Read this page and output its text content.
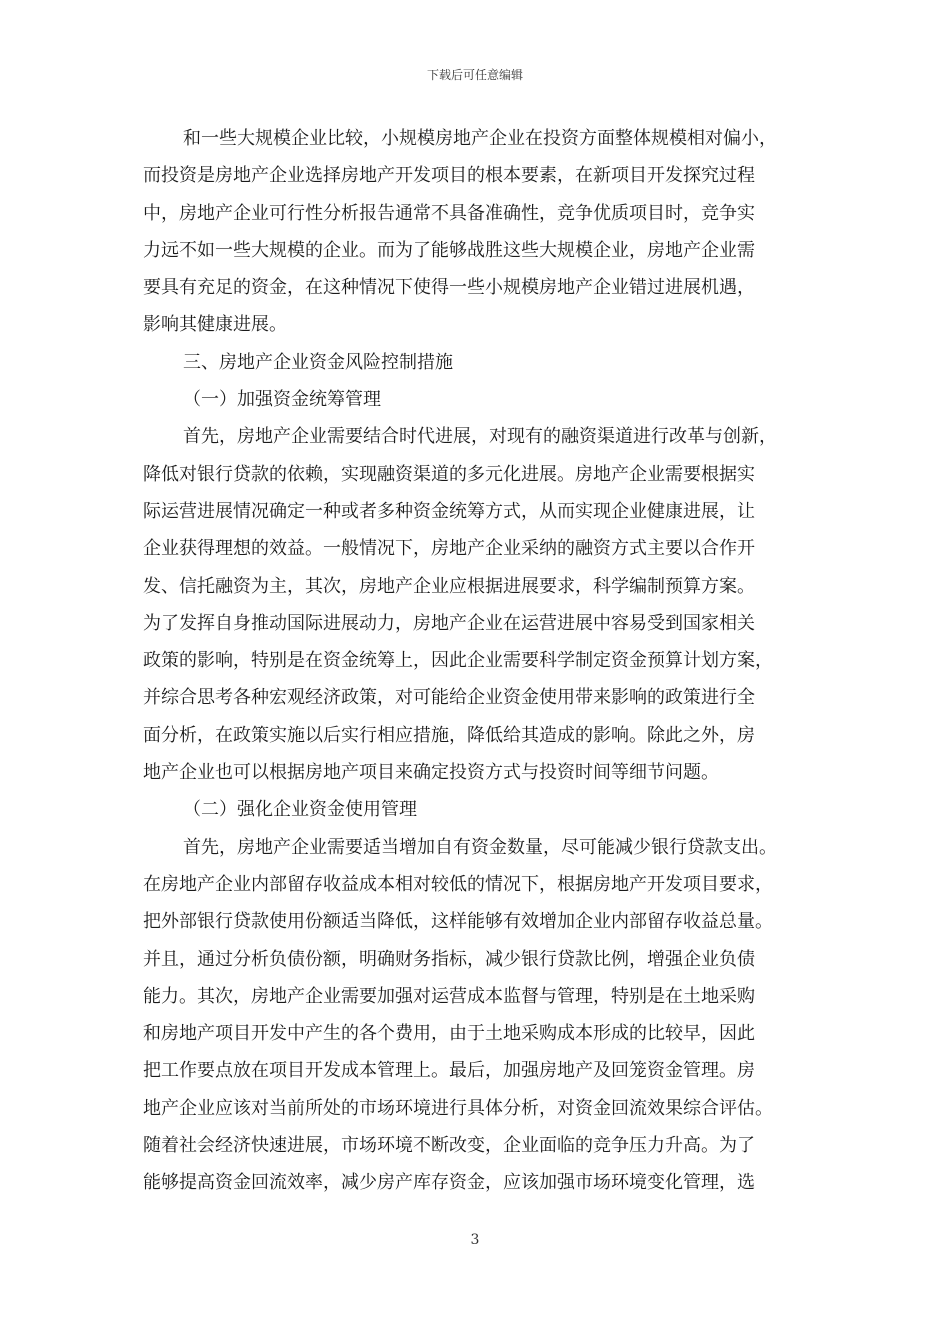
下载后可任意编辑
和一些大规模企业比较，小规模房地产企业在投资方面整体规模相对偏小，
而投资是房地产企业选择房地产开发项目的根本要素，在新项目开发探究过程
中，房地产企业可行性分析报告通常不具备准确性，竞争优质项目时，竞争实
力远不如一些大规模的企业。而为了能够战胜这些大规模企业，房地产企业需
要具有充足的资金，在这种情况下使得一些小规模房地产企业错过进展机遇，
影响其健康进展。
三、房地产企业资金风险控制措施
（一）加强资金统筹管理
首先，房地产企业需要结合时代进展，对现有的融资渠道进行改革与创新，
降低对银行贷款的依赖，实现融资渠道的多元化进展。房地产企业需要根据实
际运营进展情况确定一种或者多种资金统筹方式，从而实现企业健康进展，让
企业获得理想的效益。一般情况下，房地产企业采纳的融资方式主要以合作开
发、信托融资为主，其次，房地产企业应根据进展要求，科学编制预算方案。
为了发挥自身推动国际进展动力，房地产企业在运营进展中容易受到国家相关
政策的影响，特别是在资金统筹上，因此企业需要科学制定资金预算计划方案，
并综合思考各种宏观经济政策，对可能给企业资金使用带来影响的政策进行全
面分析，在政策实施以后实行相应措施，降低给其造成的影响。除此之外，房
地产企业也可以根据房地产项目来确定投资方式与投资时间等细节问题。
（二）强化企业资金使用管理
首先，房地产企业需要适当增加自有资金数量，尽可能减少银行贷款支出。
在房地产企业内部留存收益成本相对较低的情况下，根据房地产开发项目要求，
把外部银行贷款使用份额适当降低，这样能够有效增加企业内部留存收益总量。
并且，通过分析负债份额，明确财务指标，减少银行贷款比例，增强企业负债
能力。其次，房地产企业需要加强对运营成本监督与管理，特别是在土地采购
和房地产项目开发中产生的各个费用，由于土地采购成本形成的比较早，因此
把工作要点放在项目开发成本管理上。最后，加强房地产及回笼资金管理。房
地产企业应该对当前所处的市场环境进行具体分析，对资金回流效果综合评估。
随着社会经济快速进展，市场环境不断改变，企业面临的竞争压力升高。为了
能够提高资金回流效率，减少房产库存资金，应该加强市场环境变化管理，选
3
